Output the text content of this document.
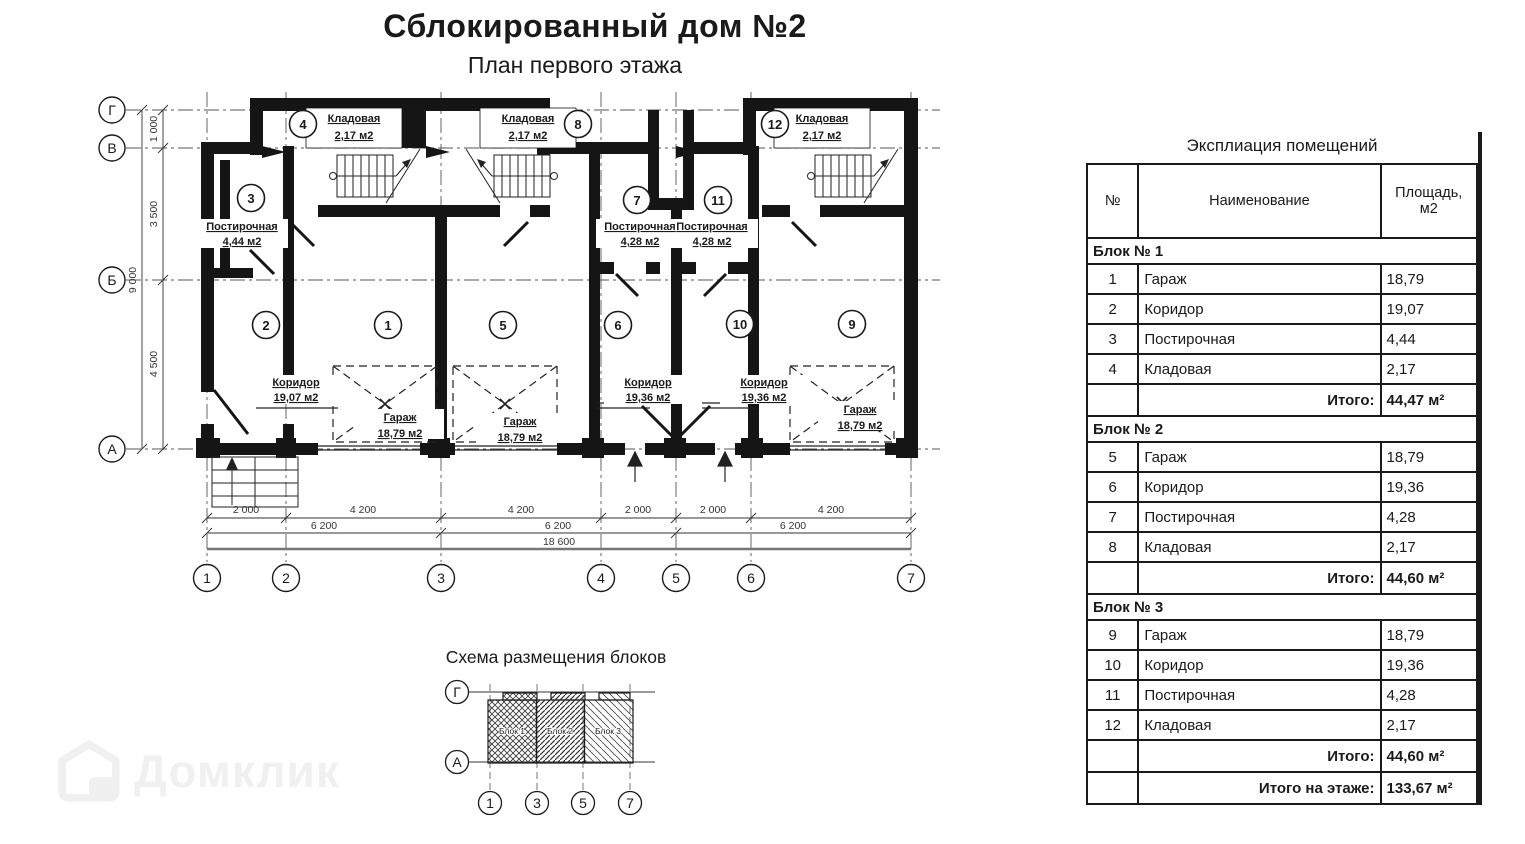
Сблокированный дом №2
План первого этажа
1 000
3 500
4 500
9 000
2 000	4 200	4 200	2 000	2 000	4 200
6 200	6 200	6 200
18 600
Г
В
Б
А
1	2	3	4	5	6	7
Кладовая
2,17 м2
Кладовая
2,17 м2
Кладовая
2,17 м2
Постирочная
4,44 м2
Постирочная
4,28 м2
Постирочная
4,28 м2
Коридор
19,07 м2
Коридор
19,36 м2
Коридор
19,36 м2
Гараж
18,79 м2
Гараж
18,79 м2
Гараж
18,79 м2
1
2
3
4
5	6
7
8
9
10
11
12
Схема размещения блоков
Блок 1	Блок 2	Блок 3
Г
А
1	3	5	7
Домклик
Эксплиация помещений
№	Наименование	Площадь,
м2

Блок № 1		
1	Гараж	18,79
2	Коридор	19,07
3	Постирочная	4,44
4	Кладовая	2,17
	Итого:	44,47 м²
Блок № 2		
5	Гараж	18,79
6	Коридор	19,36
7	Постирочная	4,28
8	Кладовая	2,17
	Итого:	44,60 м²
Блок № 3		
9	Гараж	18,79
10	Коридор	19,36
11	Постирочная	4,28
12	Кладовая	2,17
	Итого:	44,60 м²
	Итого на этаже:	133,67 м²
